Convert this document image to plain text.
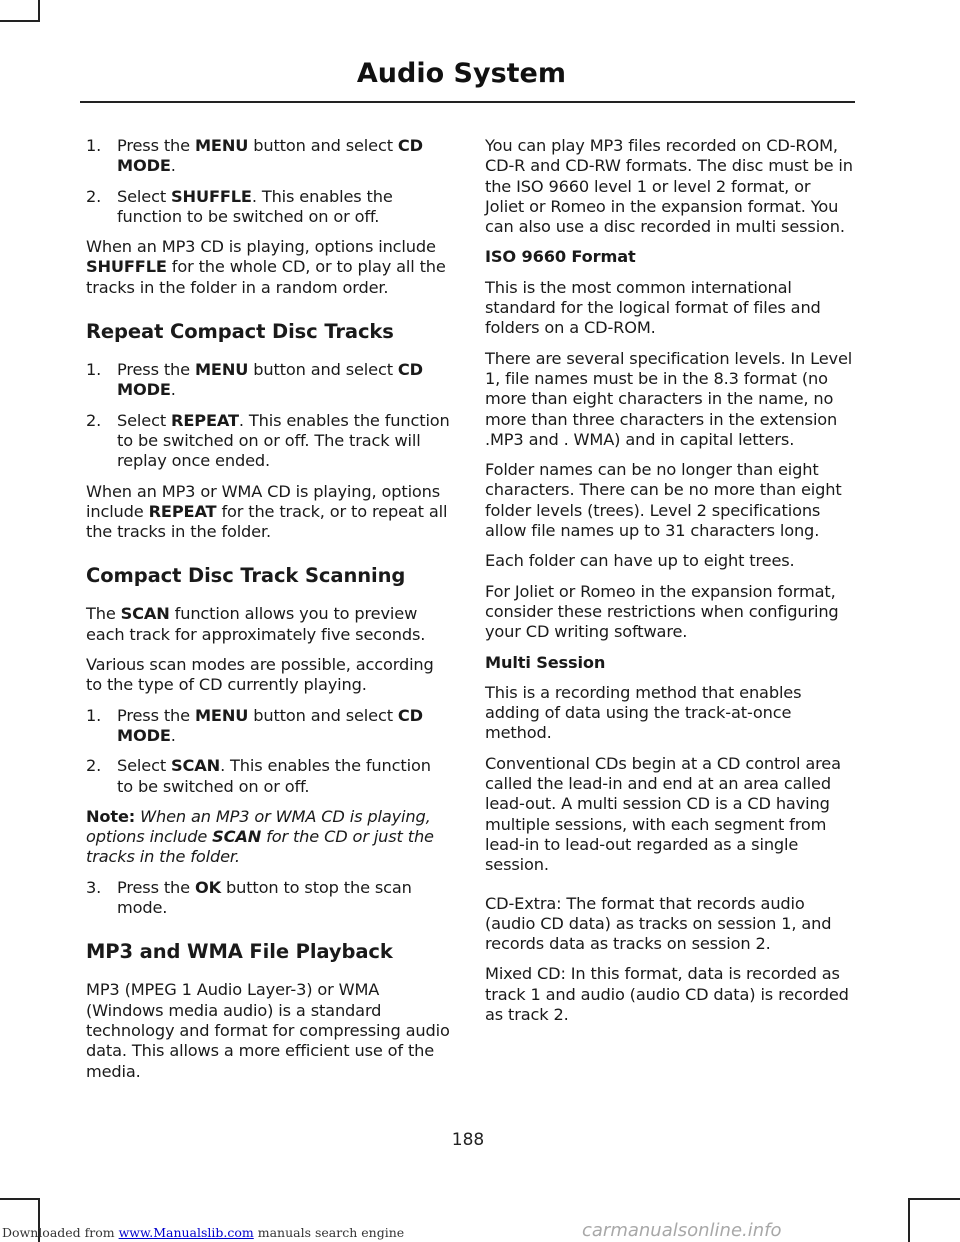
Audio System
1. Press the MENU button and select CD MODE.
2. Select SHUFFLE. This enables the function to be switched on or off.

When an MP3 CD is playing, options include SHUFFLE for the whole CD, or to play all the tracks in the folder in a random order.

Repeat Compact Disc Tracks
1. Press the MENU button and select CD MODE.
2. Select REPEAT. This enables the function to be switched on or off. The track will replay once ended.

When an MP3 or WMA CD is playing, options include REPEAT for the track, or to repeat all the tracks in the folder.

Compact Disc Track Scanning

The SCAN function allows you to preview each track for approximately five seconds.

Various scan modes are possible, according to the type of CD currently playing.

1. Press the MENU button and select CD MODE.
2. Select SCAN. This enables the function to be switched on or off.

Note: When an MP3 or WMA CD is playing, options include SCAN for the CD or just the tracks in the folder.

3. Press the OK button to stop the scan mode.
MP3 and WMA File Playback

MP3 (MPEG 1 Audio Layer-3) or WMA (Windows media audio) is a standard technology and format for compressing audio data. This allows a more efficient use of the media.

You can play MP3 files recorded on CD-ROM, CD-R and CD-RW formats. The disc must be in the ISO 9660 level 1 or level 2 format, or Joliet or Romeo in the expansion format. You can also use a disc recorded in multi session.

ISO 9660 Format

This is the most common international standard for the logical format of files and folders on a CD-ROM.

There are several specification levels. In Level 1, file names must be in the 8.3 format (no more than eight characters in the name, no more than three characters in the extension .MP3 and . WMA) and in capital letters.

Folder names can be no longer than eight characters. There can be no more than eight folder levels (trees). Level 2 specifications allow file names up to 31 characters long.

Each folder can have up to eight trees.

For Joliet or Romeo in the expansion format, consider these restrictions when configuring your CD writing software.

Multi Session

This is a recording method that enables adding of data using the track-at-once method.

Conventional CDs begin at a CD control area called the lead-in and end at an area called lead-out. A multi session CD is a CD having multiple sessions, with each segment from lead-in to lead-out regarded as a single session.

CD-Extra: The format that records audio (audio CD data) as tracks on session 1, and records data as tracks on session 2.

Mixed CD: In this format, data is recorded as track 1 and audio (audio CD data) is recorded as track 2.

188
Downloaded from www.Manualslib.com manuals search engine	carmanualsonline.info
